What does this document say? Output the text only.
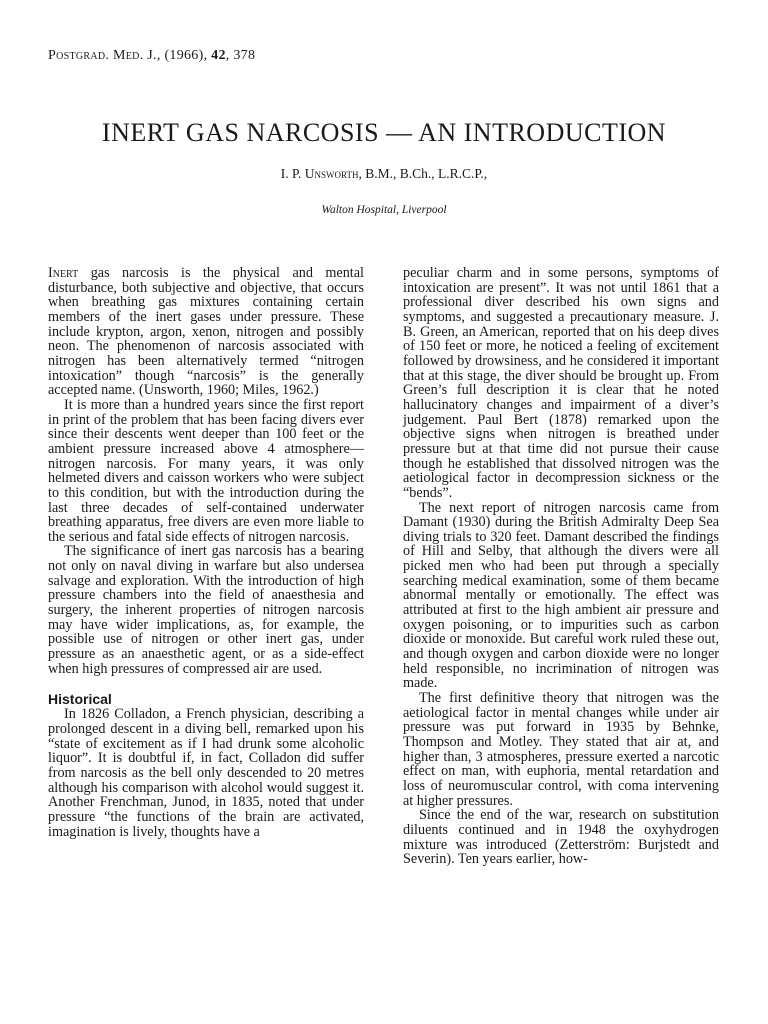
Postgrad. Med. J., (1966), 42, 378
INERT GAS NARCOSIS — AN INTRODUCTION
I. P. Unsworth, B.M., B.Ch., L.R.C.P.,
Walton Hospital, Liverpool

Inert gas narcosis is the physical and mental disturbance, both subjective and objective, that occurs when breathing gas mixtures containing certain members of the inert gases under pressure. These include krypton, argon, xenon, nitrogen and possibly neon. The phenomenon of narcosis associated with nitrogen has been alternatively termed “nitrogen intoxication” though “narcosis” is the generally accepted name. (Unsworth, 1960; Miles, 1962.)

It is more than a hundred years since the first report in print of the problem that has been facing divers ever since their descents went deeper than 100 feet or the ambient pressure increased above 4 atmosphere—nitrogen narcosis. For many years, it was only helmeted divers and caisson workers who were subject to this condition, but with the introduction during the last three decades of self-contained underwater breathing apparatus, free divers are even more liable to the serious and fatal side effects of nitrogen narcosis.

The significance of inert gas narcosis has a bearing not only on naval diving in warfare but also undersea salvage and exploration. With the introduction of high pressure chambers into the field of anaesthesia and surgery, the inherent properties of nitrogen narcosis may have wider implications, as, for example, the possible use of nitrogen or other inert gas, under pressure as an anaesthetic agent, or as a side-effect when high pressures of compressed air are used.

Historical

In 1826 Colladon, a French physician, describing a prolonged descent in a diving bell, remarked upon his “state of excitement as if I had drunk some alcoholic liquor”. It is doubtful if, in fact, Colladon did suffer from narcosis as the bell only descended to 20 metres although his comparison with alcohol would suggest it. Another Frenchman, Junod, in 1835, noted that under pressure “the functions of the brain are activated, imagination is lively, thoughts have a

peculiar charm and in some persons, symptoms of intoxication are present”. It was not until 1861 that a professional diver described his own signs and symptoms, and suggested a precautionary measure. J. B. Green, an American, reported that on his deep dives of 150 feet or more, he noticed a feeling of excitement followed by drowsiness, and he considered it important that at this stage, the diver should be brought up. From Green’s full description it is clear that he noted hallucinatory changes and impairment of a diver’s judgement. Paul Bert (1878) remarked upon the objective signs when nitrogen is breathed under pressure but at that time did not pursue their cause though he established that dissolved nitrogen was the aetiological factor in decompression sickness or the “bends”.

The next report of nitrogen narcosis came from Damant (1930) during the British Admiralty Deep Sea diving trials to 320 feet. Damant described the findings of Hill and Selby, that although the divers were all picked men who had been put through a specially searching medical examination, some of them became abnormal mentally or emotionally. The effect was attributed at first to the high ambient air pressure and oxygen poisoning, or to impurities such as carbon dioxide or monoxide. But careful work ruled these out, and though oxygen and carbon dioxide were no longer held responsible, no incrimination of nitrogen was made.

The first definitive theory that nitrogen was the aetiological factor in mental changes while under air pressure was put forward in 1935 by Behnke, Thompson and Motley. They stated that air at, and higher than, 3 atmospheres, pressure exerted a narcotic effect on man, with euphoria, mental retardation and loss of neuromuscular control, with coma intervening at higher pressures.

Since the end of the war, research on substitution diluents continued and in 1948 the oxyhydrogen mixture was introduced (Zetterström: Burjstedt and Severin). Ten years earlier, how-
